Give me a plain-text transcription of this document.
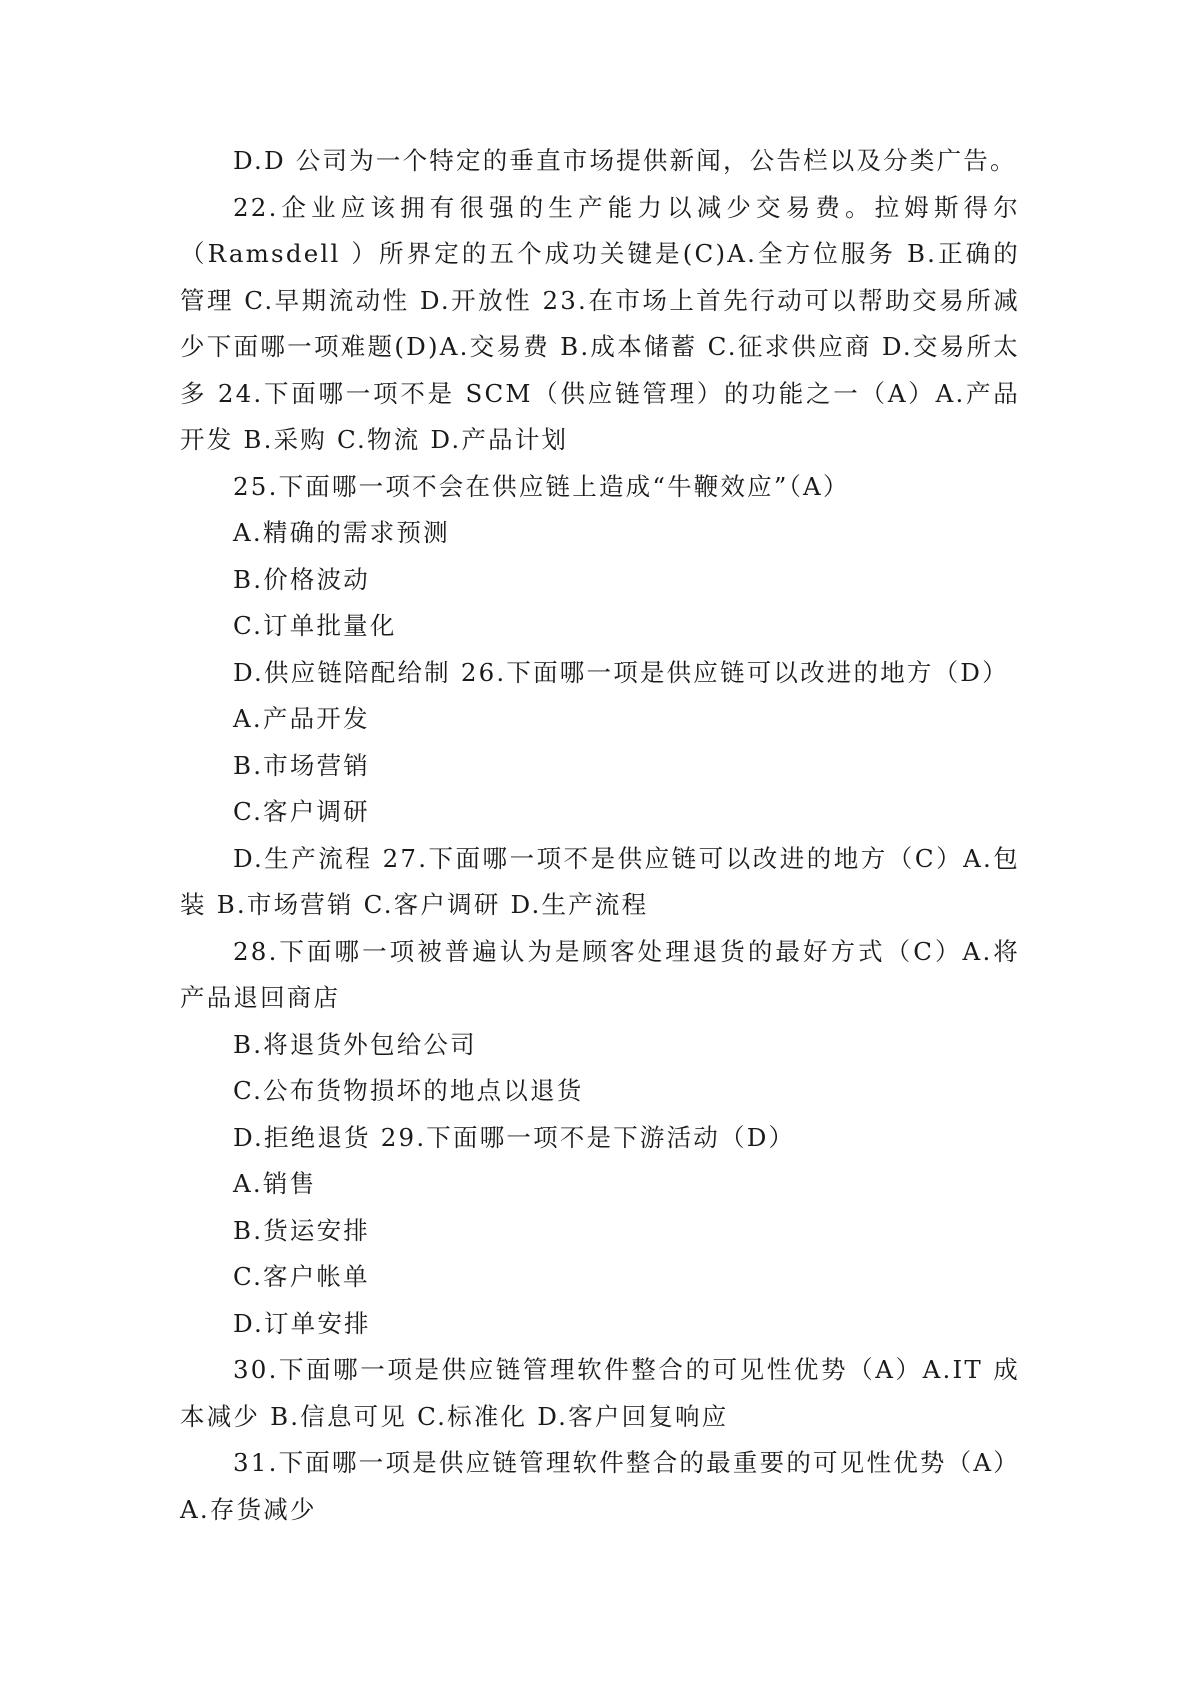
D.D 公司为一个特定的垂直市场提供新闻，公告栏以及分类广告。

22.企业应该拥有很强的生产能力以减少交易费。拉姆斯得尔（Ramsdell ）所界定的五个成功关键是(C)A.全方位服务 B.正确的管理 C.早期流动性 D.开放性 23.在市场上首先行动可以帮助交易所减少下面哪一项难题(D)A.交易费 B.成本储蓄 C.征求供应商 D.交易所太多 24.下面哪一项不是 SCM（供应链管理）的功能之一（A）A.产品开发 B.采购 C.物流 D.产品计划

25.下面哪一项不会在供应链上造成“牛鞭效应”（A）

A.精确的需求预测

B.价格波动

C.订单批量化

D.供应链陪配给制 26.下面哪一项是供应链可以改进的地方（D）

A.产品开发

B.市场营销

C.客户调研

D.生产流程 27.下面哪一项不是供应链可以改进的地方（C）A.包装 B.市场营销 C.客户调研 D.生产流程

28.下面哪一项被普遍认为是顾客处理退货的最好方式（C）A.将产品退回商店

B.将退货外包给公司

C.公布货物损坏的地点以退货

D.拒绝退货 29.下面哪一项不是下游活动（D）

A.销售

B.货运安排

C.客户帐单

D.订单安排

30.下面哪一项是供应链管理软件整合的可见性优势（A）A.IT 成本减少 B.信息可见 C.标准化 D.客户回复响应

31.下面哪一项是供应链管理软件整合的最重要的可见性优势（A）A.存货减少
